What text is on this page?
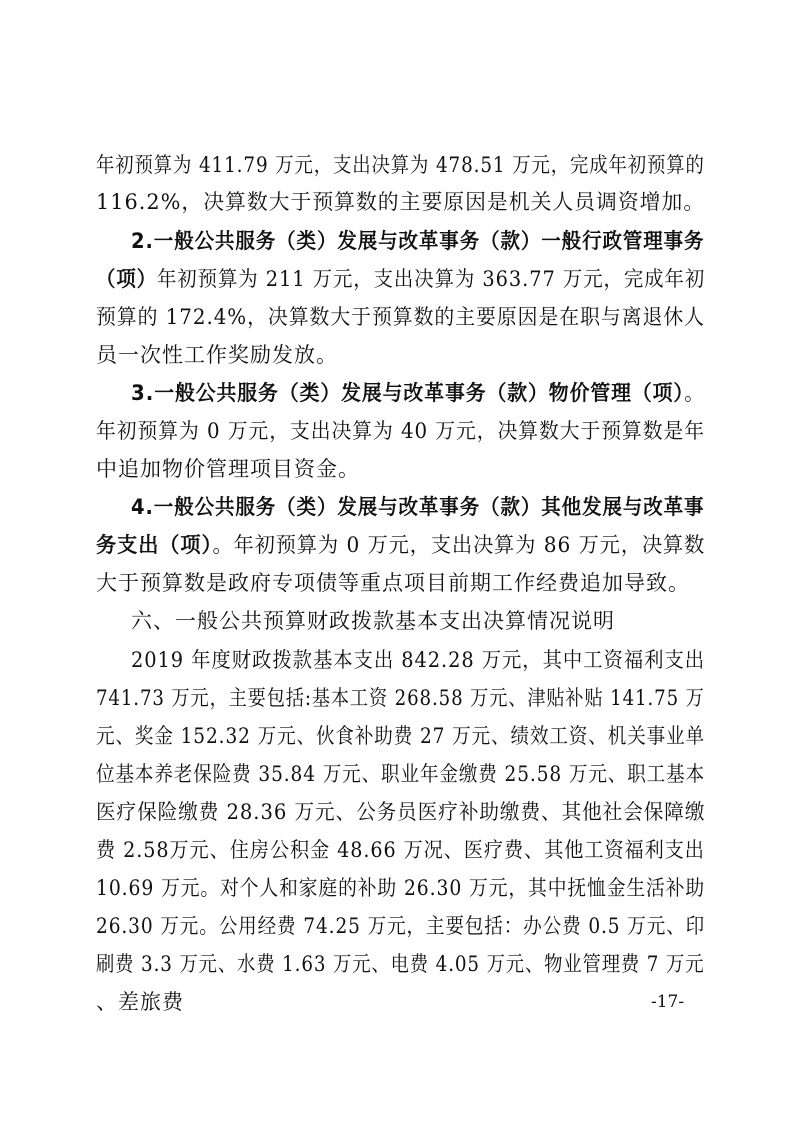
年初预算为 411.79 万元，支出决算为 478.51 万元，完成年初预算的
116.2%，决算数大于预算数的主要原因是机关人员调资增加。
2.一般公共服务（类）发展与改革事务（款）一般行政管理事务
（项）年初预算为 211 万元，支出决算为 363.77 万元，完成年初
预算的 172.4%，决算数大于预算数的主要原因是在职与离退休人
员一次性工作奖励发放。
3.一般公共服务（类）发展与改革事务（款）物价管理（项）。
年初预算为 0 万元，支出决算为 40 万元，决算数大于预算数是年
中追加物价管理项目资金。
4.一般公共服务（类）发展与改革事务（款）其他发展与改革事
务支出（项）。年初预算为 0 万元，支出决算为 86 万元，决算数
大于预算数是政府专项债等重点项目前期工作经费追加导致。
六、一般公共预算财政拨款基本支出决算情况说明
2019 年度财政拨款基本支出 842.28 万元，其中工资福利支出
741.73 万元，主要包括:基本工资 268.58 万元、津贴补贴 141.75 万
元、奖金 152.32 万元、伙食补助费 27 万元、绩效工资、机关事业单
位基本养老保险费 35.84 万元、职业年金缴费 25.58 万元、职工基本
医疗保险缴费 28.36 万元、公务员医疗补助缴费、其他社会保障缴
费 2.58万元、住房公积金 48.66 万况、医疗费、其他工资福利支出
10.69 万元。对个人和家庭的补助 26.30 万元，其中抚恤金生活补助
26.30 万元。公用经费 74.25 万元，主要包括：办公费 0.5 万元、印
刷费 3.3 万元、水费 1.63 万元、电费 4.05 万元、物业管理费 7 万元
、差旅费	-17-
